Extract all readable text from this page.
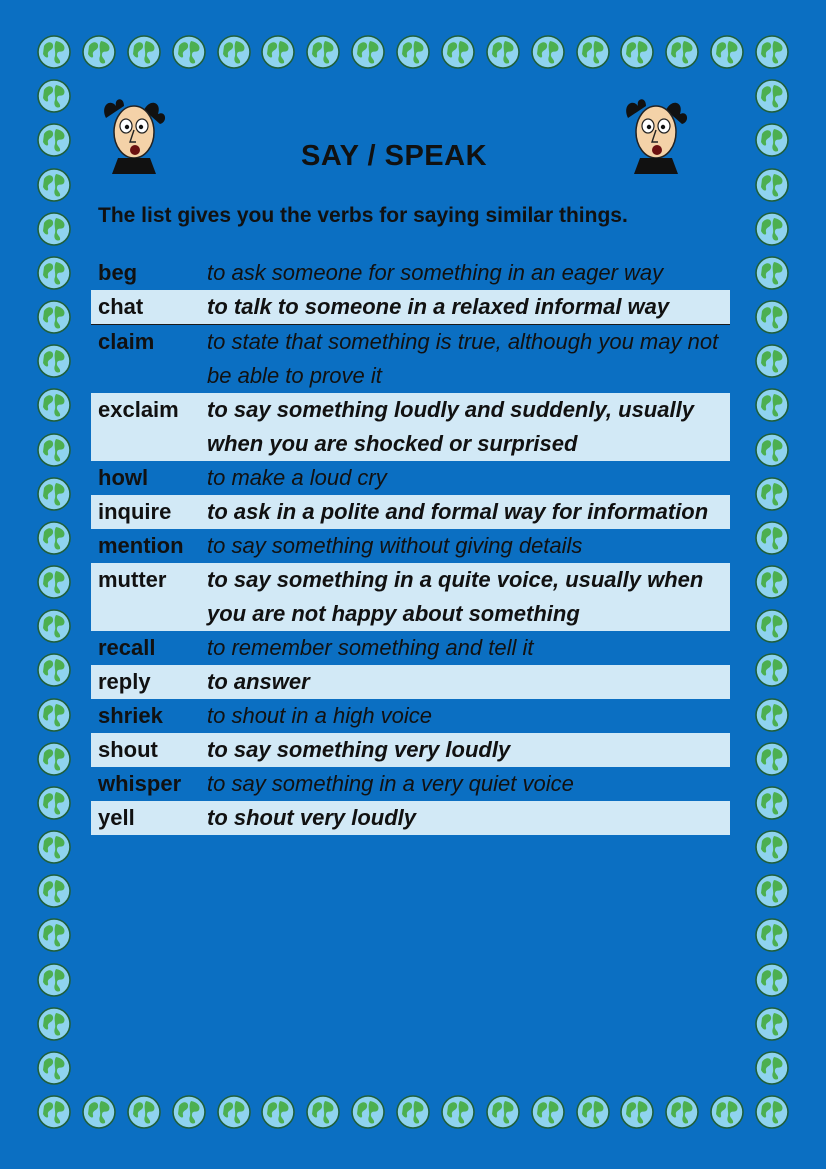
SAY / SPEAK
The list gives you the verbs for saying similar things.
beg	to ask someone for something in an eager way
chat	to talk to someone in a relaxed informal way
claim	to state that something is true, although you may not be able to prove it
exclaim	to say something loudly and suddenly, usually when you are shocked or surprised
howl	to make a loud cry
inquire	to ask in a polite and formal way for information
mention	to say something without giving details
mutter	to say something in a quite voice, usually when you are not happy about something
recall	to remember something and tell it
reply	to answer
shriek	to shout in a high voice
shout	to say something very loudly
whisper	to say something in a very quiet voice
yell	to shout very loudly
